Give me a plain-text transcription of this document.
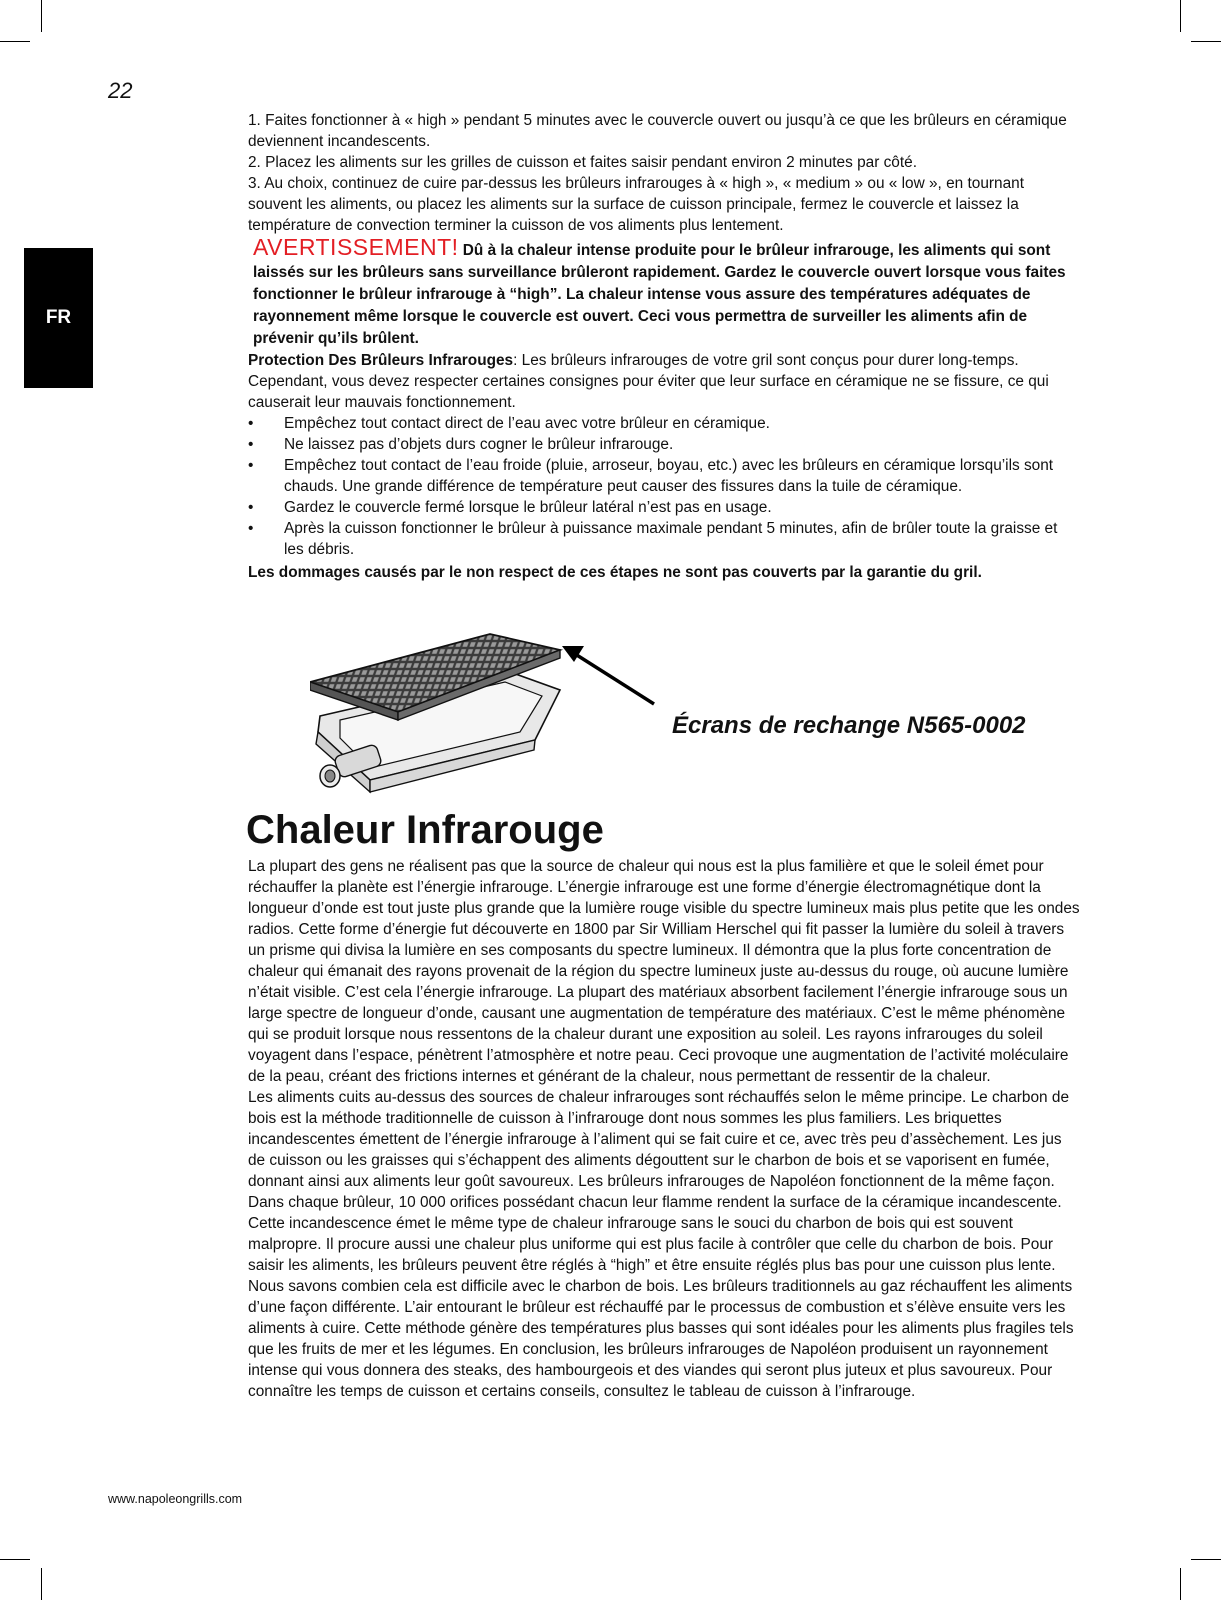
22
FR

1. Faites fonctionner à « high » pendant 5 minutes avec le couvercle ouvert ou jusqu’à ce que les brûleurs en céramique deviennent incandescents.

2. Placez les aliments sur les grilles de cuisson et faites saisir pendant environ 2 minutes par côté.

3. Au choix, continuez de cuire par-dessus les brûleurs infrarouges à « high », « medium » ou « low », en tournant souvent les aliments, ou placez les aliments sur la surface de cuisson principale, fermez le couvercle et laissez la température de convection terminer la cuisson de vos aliments plus lentement.

AVERTISSEMENT! Dû à la chaleur intense produite pour le brûleur infrarouge, les aliments qui sont laissés sur les brûleurs sans surveillance brûleront rapidement. Gardez le couvercle ouvert lorsque vous faites fonctionner le brûleur infrarouge à “high”. La chaleur intense vous assure des températures adéquates de rayonnement même lorsque le couvercle est ouvert. Ceci vous permettra de surveiller les aliments afin de prévenir qu’ils brûlent.

Protection Des Brûleurs Infrarouges: Les brûleurs infrarouges de votre gril sont conçus pour durer long-temps. Cependant, vous devez respecter certaines consignes pour éviter que leur surface en céramique ne se fissure, ce qui causerait leur mauvais fonctionnement.

• Empêchez tout contact direct de l’eau avec votre brûleur en céramique.
• Ne laissez pas d’objets durs cogner le brûleur infrarouge.
• Empêchez tout contact de l’eau froide (pluie, arroseur, boyau, etc.) avec les brûleurs en céramique lorsqu’ils sont chauds. Une grande différence de température peut causer des fissures dans la tuile de céramique.
• Gardez le couvercle fermé lorsque le brûleur latéral n’est pas en usage.
• Après la cuisson fonctionner le brûleur à puissance maximale pendant 5 minutes, afin de brûler toute la graisse et les débris.

Les dommages causés par le non respect de ces étapes ne sont pas couverts par la garantie du gril.

Écrans de rechange N565-0002
Chaleur Infrarouge

La plupart des gens ne réalisent pas que la source de chaleur qui nous est la plus familière et que le soleil émet pour réchauffer la planète est l’énergie infrarouge. L’énergie infrarouge est une forme d’énergie électromagnétique dont la longueur d’onde est tout juste plus grande que la lumière rouge visible du spectre lumineux mais plus petite que les ondes radios. Cette forme d’énergie fut découverte en 1800 par Sir William Herschel qui fit passer la lumière du soleil à travers un prisme qui divisa la lumière en ses composants du spectre lumineux. Il démontra que la plus forte concentration de chaleur qui émanait des rayons provenait de la région du spectre lumineux juste au-dessus du rouge, où aucune lumière n’était visible. C’est cela l’énergie infrarouge. La plupart des matériaux absorbent facilement l’énergie infrarouge sous un large spectre de longueur d’onde, causant une augmentation de température des matériaux. C’est le même phénomène qui se produit lorsque nous ressentons de la chaleur durant une exposition au soleil. Les rayons infrarouges du soleil voyagent dans l’espace, pénètrent l’atmosphère et notre peau. Ceci provoque une augmentation de l’activité moléculaire de la peau, créant des frictions internes et générant de la chaleur, nous permettant de ressentir de la chaleur.

Les aliments cuits au-dessus des sources de chaleur infrarouges sont réchauffés selon le même principe. Le charbon de bois est la méthode traditionnelle de cuisson à l’infrarouge dont nous sommes les plus familiers. Les briquettes incandescentes émettent de l’énergie infrarouge à l’aliment qui se fait cuire et ce, avec très peu d’assèchement. Les jus de cuisson ou les graisses qui s’échappent des aliments dégouttent sur le charbon de bois et se vaporisent en fumée, donnant ainsi aux aliments leur goût savoureux. Les brûleurs infrarouges de Napoléon fonctionnent de la même façon. Dans chaque brûleur, 10 000 orifices possédant chacun leur flamme rendent la surface de la céramique incandescente. Cette incandescence émet le même type de chaleur infrarouge sans le souci du charbon de bois qui est souvent malpropre. Il procure aussi une chaleur plus uniforme qui est plus facile à contrôler que celle du charbon de bois. Pour saisir les aliments, les brûleurs peuvent être réglés à “high” et être ensuite réglés plus bas pour une cuisson plus lente. Nous savons combien cela est difficile avec le charbon de bois. Les brûleurs traditionnels au gaz réchauffent les aliments d’une façon différente. L’air entourant le brûleur est réchauffé par le processus de combustion et s’élève ensuite vers les aliments à cuire. Cette méthode génère des températures plus basses qui sont idéales pour les aliments plus fragiles tels que les fruits de mer et les légumes. En conclusion, les brûleurs infrarouges de Napoléon produisent un rayonnement intense qui vous donnera des steaks, des hambourgeois et des viandes qui seront plus juteux et plus savoureux. Pour connaître les temps de cuisson et certains conseils, consultez le tableau de cuisson à l’infrarouge.

www.napoleongrills.com
